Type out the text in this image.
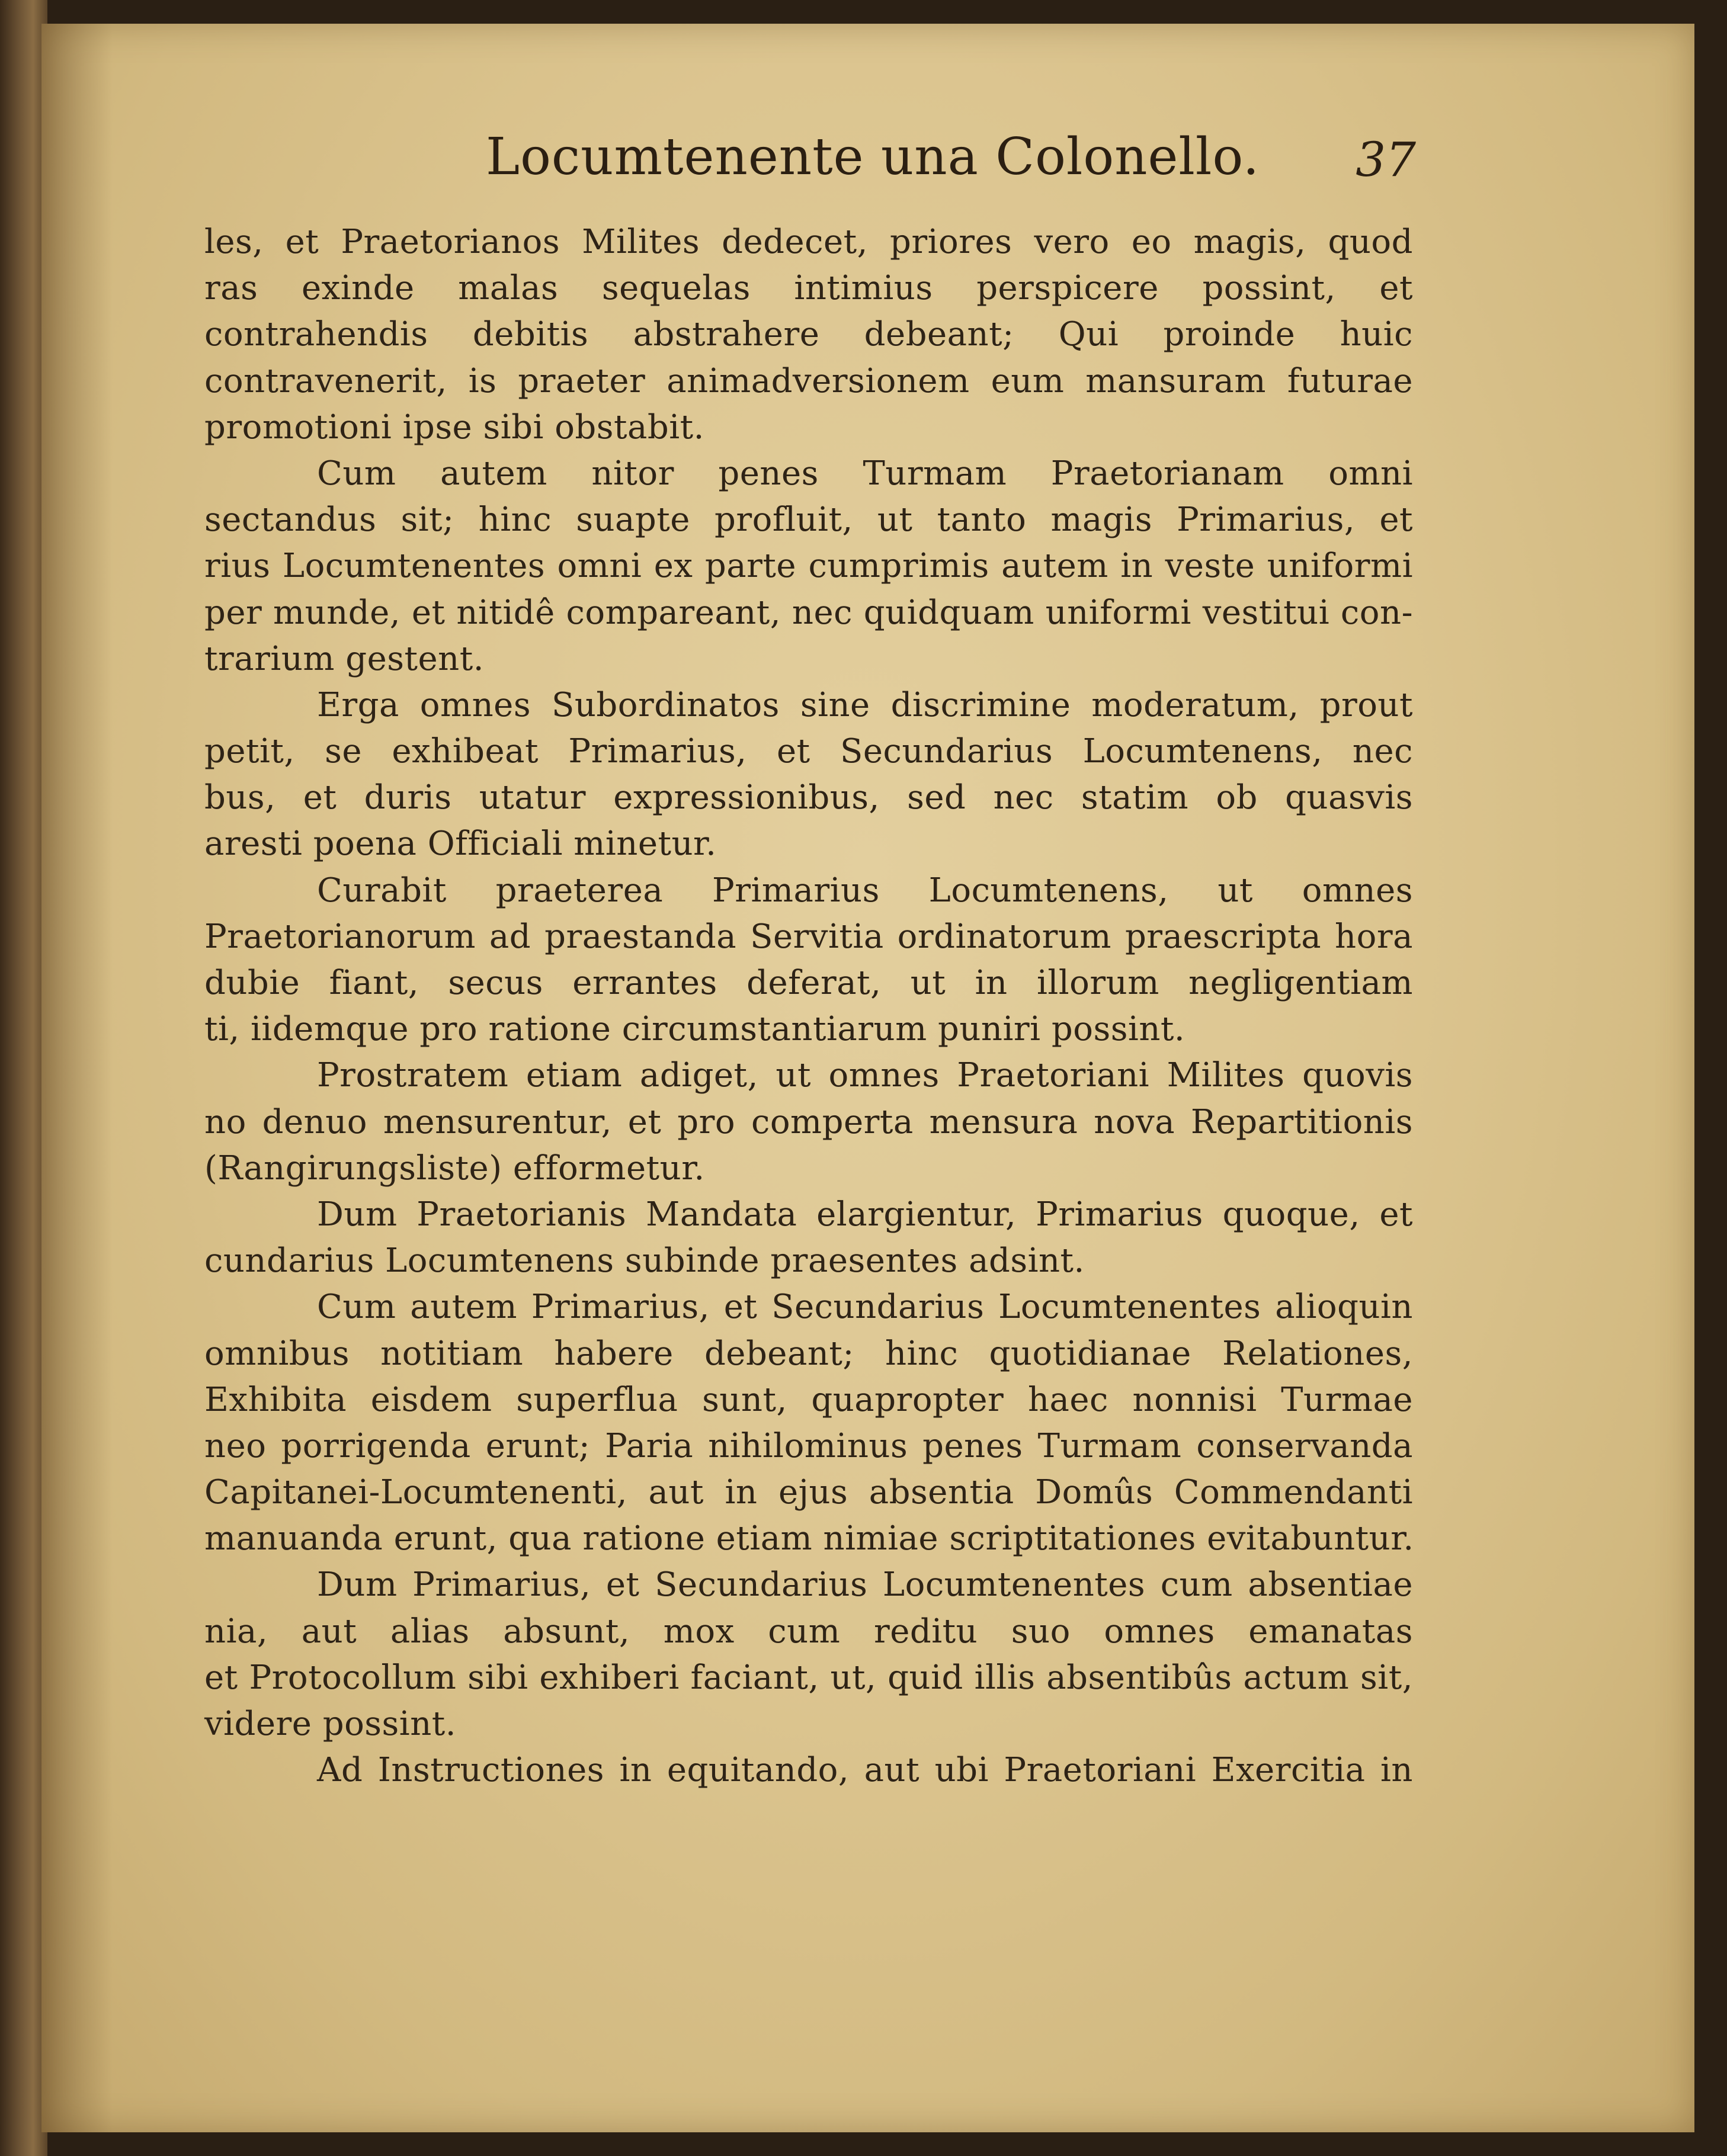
Locumtenente una Colonello. 37
les, et Praetorianos Milites dedecet, priores vero eo magis, quod
ras exinde malas sequelas intimius perspicere possint, et
contrahendis debitis abstrahere debeant; Qui proinde huic
contravenerit, is praeter animadversionem eum mansuram futurae
promotioni ipse sibi obstabit.
Cum autem nitor penes Turmam Praetorianam omni
sectandus sit; hinc suapte profluit, ut tanto magis Primarius, et
rius Locumtenentes omni ex parte cumprimis autem in veste uniformi
per munde, et nitidê compareant, nec quidquam uniformi vestitui con-
trarium gestent.
Erga omnes Subordinatos sine discrimine moderatum, prout
petit, se exhibeat Primarius, et Secundarius Locumtenens, nec
bus, et duris utatur expressionibus, sed nec statim ob quasvis
aresti poena Officiali minetur.
Curabit praeterea Primarius Locumtenens, ut omnes
Praetorianorum ad praestanda Servitia ordinatorum praescripta hora
dubie fiant, secus errantes deferat, ut in illorum negligentiam
ti, iidemque pro ratione circumstantiarum puniri possint.
Prostratem etiam adiget, ut omnes Praetoriani Milites quovis
no denuo mensurentur, et pro comperta mensura nova Repartitionis
(Rangirungsliste) efformetur.
Dum Praetorianis Mandata elargientur, Primarius quoque, et
cundarius Locumtenens subinde praesentes adsint.
Cum autem Primarius, et Secundarius Locumtenentes alioquin
omnibus notitiam habere debeant; hinc quotidianae Relationes,
Exhibita eisdem superflua sunt, quapropter haec nonnisi Turmae
neo porrigenda erunt; Paria nihilominus penes Turmam conservanda
Capitanei-Locumtenenti, aut in ejus absentia Domûs Commendanti
manuanda erunt, qua ratione etiam nimiae scriptitationes evitabuntur.
Dum Primarius, et Secundarius Locumtenentes cum absentiae
nia, aut alias absunt, mox cum reditu suo omnes emanatas
et Protocollum sibi exhiberi faciant, ut, quid illis absentibûs actum sit,
videre possint.
Ad Instructiones in equitando, aut ubi Praetoriani Exercitia in
